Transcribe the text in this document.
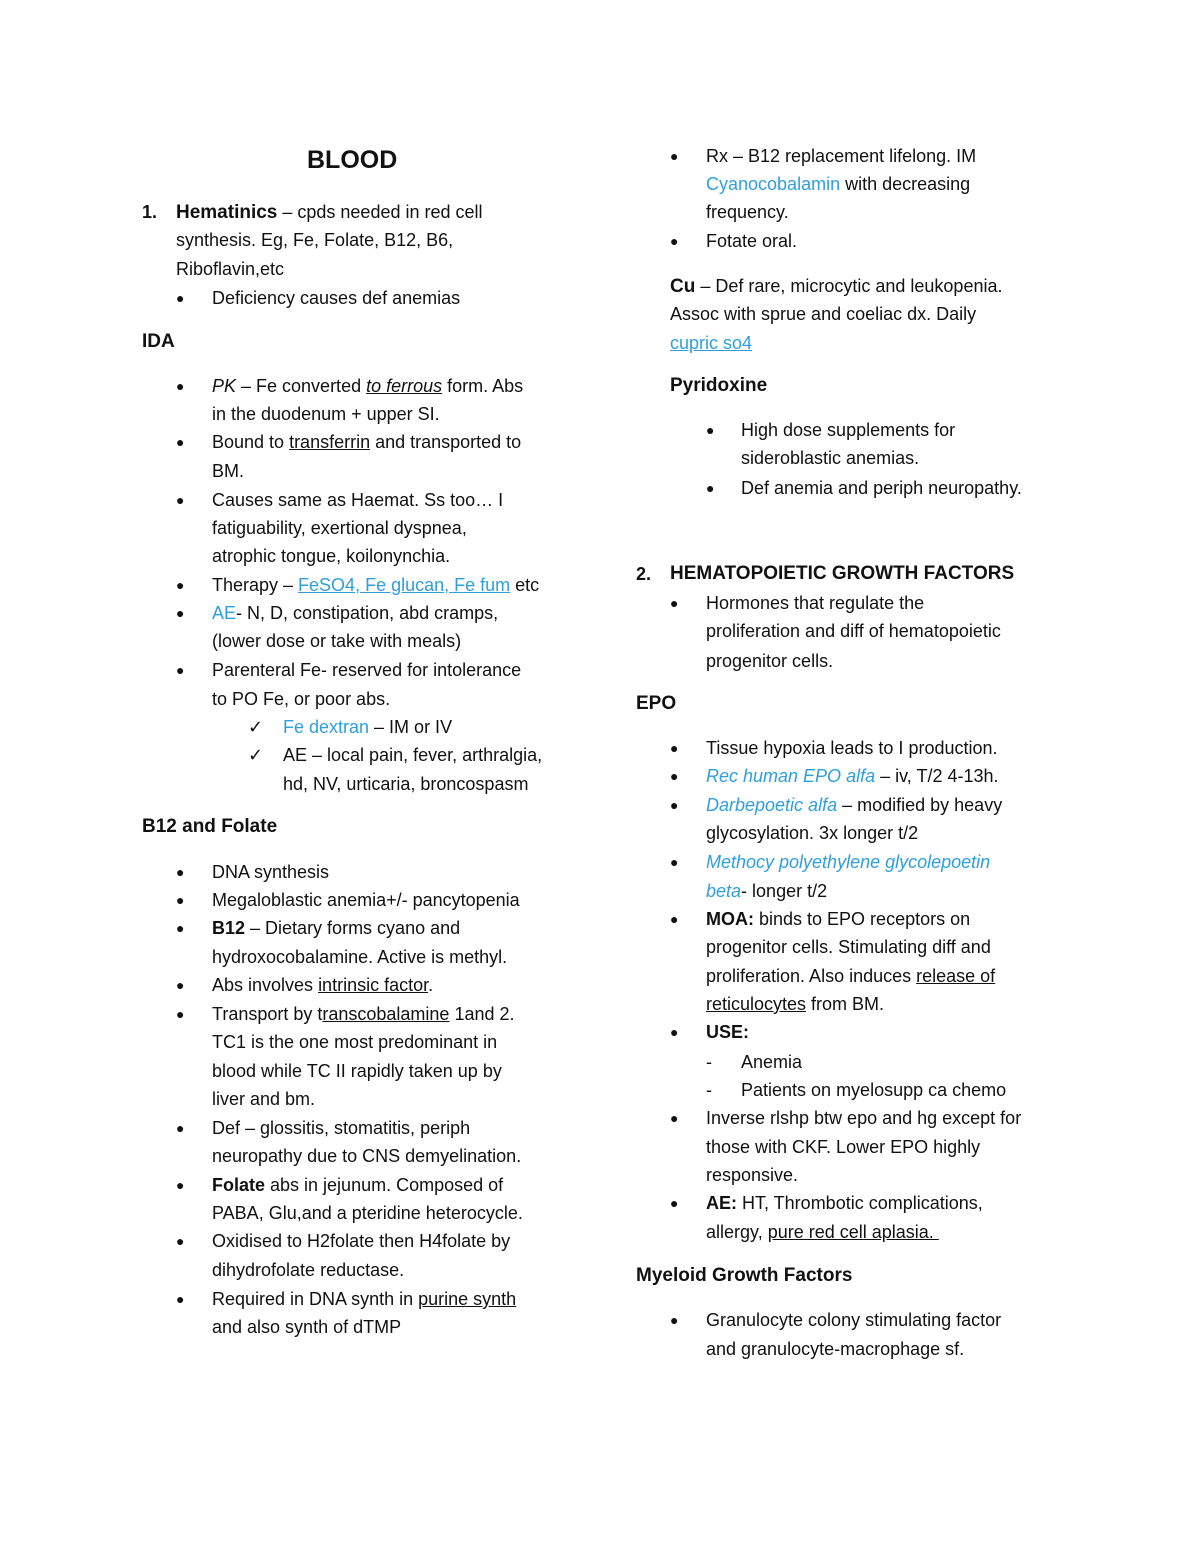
BLOOD
1. Hematinics – cpds needed in red cell
synthesis. Eg, Fe, Folate, B12, B6,
Riboflavin,etc
● Deficiency causes def anemias
IDA
● PK – Fe converted to ferrous form. Abs
in the duodenum + upper SI.
● Bound to transferrin and transported to
BM.
● Causes same as Haemat. Ss too… I
fatiguability, exertional dyspnea,
atrophic tongue, koilonynchia.
● Therapy – FeSO4, Fe glucan, Fe fum etc
● AE- N, D, constipation, abd cramps,
(lower dose or take with meals)
● Parenteral Fe- reserved for intolerance
to PO Fe, or poor abs.
✓ Fe dextran – IM or IV
✓ AE – local pain, fever, arthralgia,
hd, NV, urticaria, broncospasm
B12 and Folate
● DNA synthesis
● Megaloblastic anemia+/- pancytopenia
● B12 – Dietary forms cyano and
hydroxocobalamine. Active is methyl.
● Abs involves intrinsic factor.
● Transport by transcobalamine 1and 2.
TC1 is the one most predominant in
blood while TC II rapidly taken up by
liver and bm.
● Def – glossitis, stomatitis, periph
neuropathy due to CNS demyelination.
● Folate abs in jejunum. Composed of
PABA, Glu,and a pteridine heterocycle.
● Oxidised to H2folate then H4folate by
dihydrofolate reductase.
● Required in DNA synth in purine synth
and also synth of dTMP
● Rx – B12 replacement lifelong. IM
Cyanocobalamin with decreasing
frequency.
● Fotate oral.
Cu – Def rare, microcytic and leukopenia.
Assoc with sprue and coeliac dx. Daily
cupric so4
Pyridoxine
● High dose supplements for
sideroblastic anemias.
● Def anemia and periph neuropathy.
2. HEMATOPOIETIC GROWTH FACTORS
● Hormones that regulate the
proliferation and diff of hematopoietic
progenitor cells.
EPO
● Tissue hypoxia leads to I production.
● Rec human EPO alfa – iv, T/2 4-13h.
● Darbepoetic alfa – modified by heavy
glycosylation. 3x longer t/2
● Methocy polyethylene glycolepoetin
beta- longer t/2
● MOA: binds to EPO receptors on
progenitor cells. Stimulating diff and
proliferation. Also induces release of
reticulocytes from BM.
● USE:
- Anemia
- Patients on myelosupp ca chemo
● Inverse rlshp btw epo and hg except for
those with CKF. Lower EPO highly
responsive.
● AE: HT, Thrombotic complications,
allergy, pure red cell aplasia.
Myeloid Growth Factors
● Granulocyte colony stimulating factor
and granulocyte-macrophage sf.
